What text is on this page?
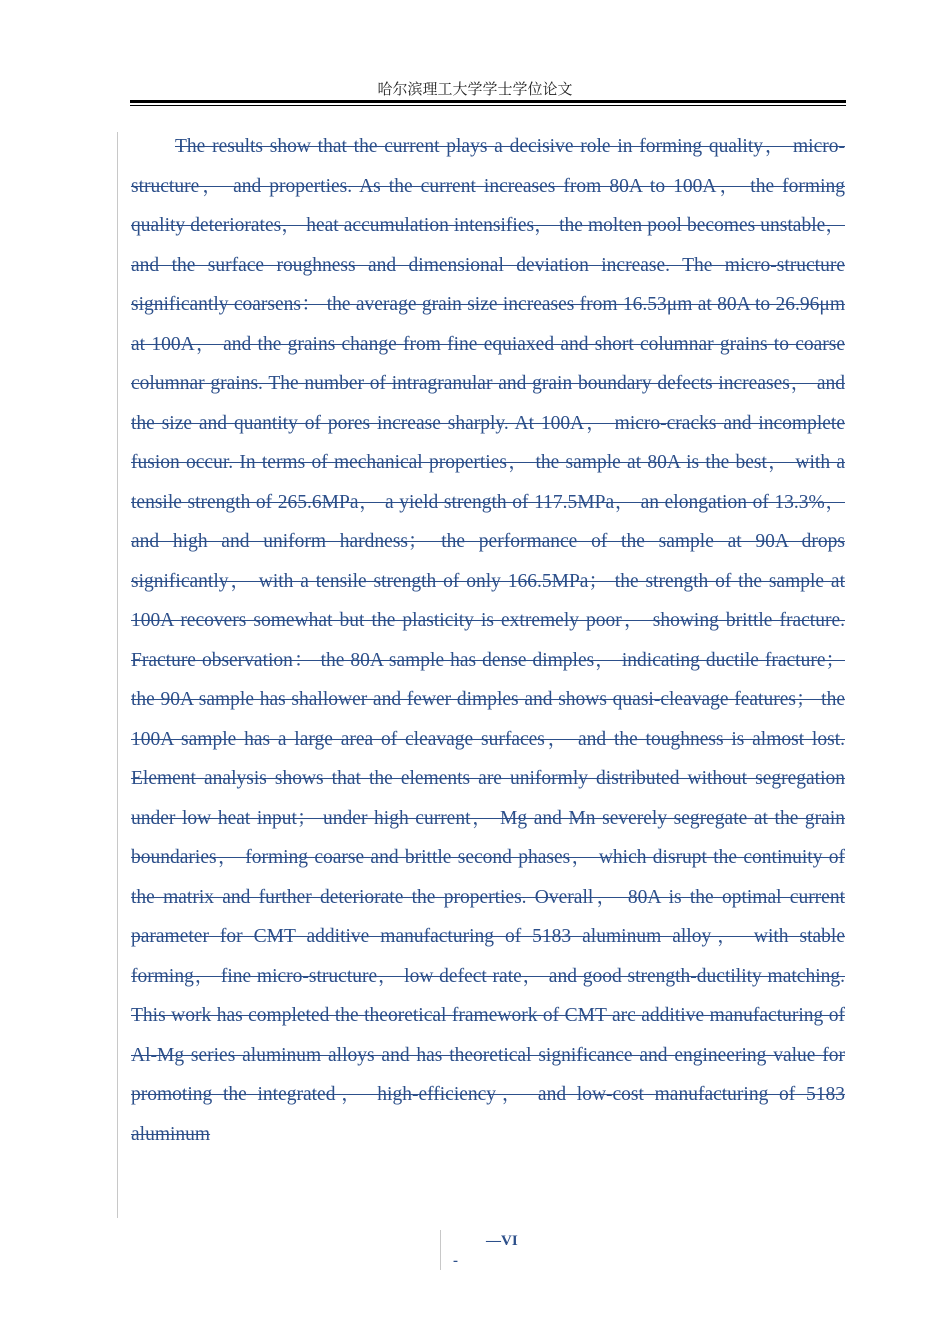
哈尔滨理工大学学士学位论文

The results show that the current plays a decisive role in forming quality， micro-structure， and properties. As the current increases from 80A to 100A， the forming quality deteriorates， heat accumulation intensifies， the molten pool becomes unstable， and the surface roughness and dimensional deviation increase. The micro-structure significantly coarsens： the average grain size increases from 16.53μm at 80A to 26.96μm at 100A， and the grains change from fine equiaxed and short columnar grains to coarse columnar grains. The number of intragranular and grain boundary defects increases， and the size and quantity of pores increase sharply. At 100A， micro-cracks and incomplete fusion occur. In terms of mechanical properties， the sample at 80A is the best， with a tensile strength of 265.6MPa， a yield strength of 117.5MPa， an elongation of 13.3%， and high and uniform hardness； the performance of the sample at 90A drops significantly， with a tensile strength of only 166.5MPa； the strength of the sample at 100A recovers somewhat but the plasticity is extremely poor， showing brittle fracture. Fracture observation： the 80A sample has dense dimples， indicating ductile fracture； the 90A sample has shallower and fewer dimples and shows quasi-cleavage features； the 100A sample has a large area of cleavage surfaces， and the toughness is almost lost. Element analysis shows that the elements are uniformly distributed without segregation under low heat input； under high current， Mg and Mn severely segregate at the grain boundaries， forming coarse and brittle second phases， which disrupt the continuity of the matrix and further deteriorate the properties. Overall， 80A is the optimal current parameter for CMT additive manufacturing of 5183 aluminum alloy， with stable forming， fine micro-structure， low defect rate， and good strength-ductility matching. This work has completed the theoretical framework of CMT arc additive manufacturing of Al-Mg series aluminum alloys and has theoretical significance and engineering value for promoting the integrated， high-efficiency， and low-cost manufacturing of 5183 aluminum

—VI
-
